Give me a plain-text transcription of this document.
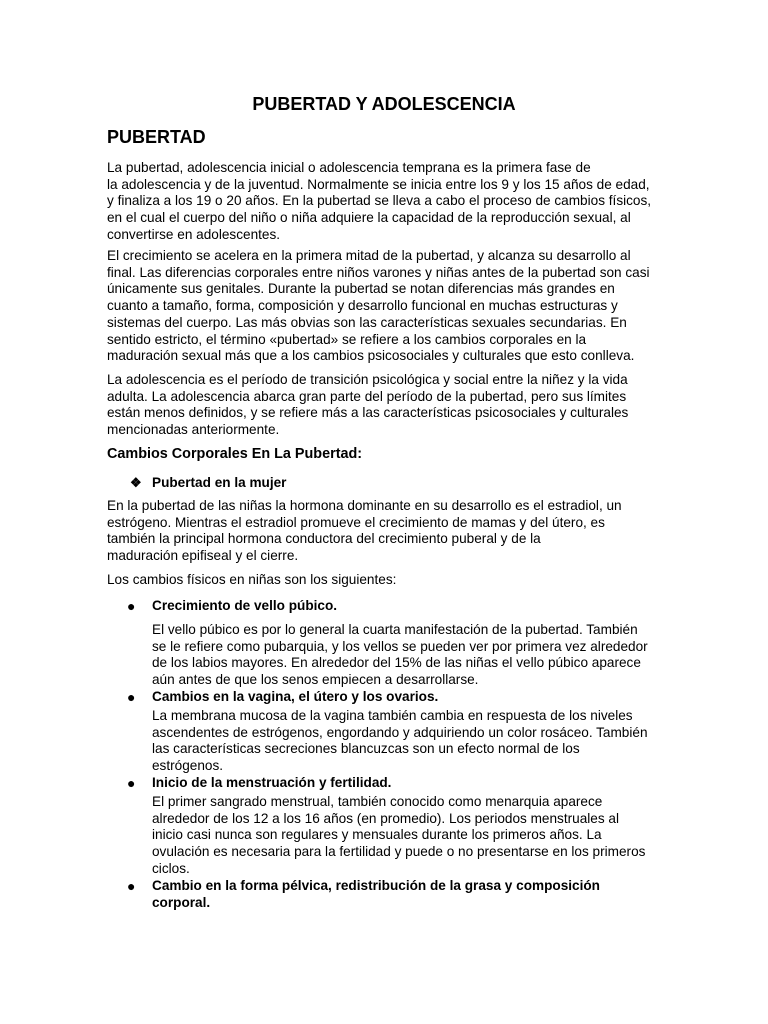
PUBERTAD Y ADOLESCENCIA
PUBERTAD
La pubertad, adolescencia inicial o adolescencia temprana es la primera fase de
la adolescencia y de la juventud. Normalmente se inicia entre los 9 y los 15 años de edad,
y finaliza a los 19 o 20 años. En la pubertad se lleva a cabo el proceso de cambios físicos,
en el cual el cuerpo del niño o niña adquiere la capacidad de la reproducción sexual, al
convertirse en adolescentes.
El crecimiento se acelera en la primera mitad de la pubertad, y alcanza su desarrollo al
final. Las diferencias corporales entre niños varones y niñas antes de la pubertad son casi
únicamente sus genitales. Durante la pubertad se notan diferencias más grandes en
cuanto a tamaño, forma, composición y desarrollo funcional en muchas estructuras y
sistemas del cuerpo. Las más obvias son las características sexuales secundarias. En
sentido estricto, el término «pubertad» se refiere a los cambios corporales en la
maduración sexual más que a los cambios psicosociales y culturales que esto conlleva.
La adolescencia es el período de transición psicológica y social entre la niñez y la vida
adulta. La adolescencia abarca gran parte del período de la pubertad, pero sus límites
están menos definidos, y se refiere más a las características psicosociales y culturales
mencionadas anteriormente.
Cambios Corporales En La Pubertad:
❖ Pubertad en la mujer
En la pubertad de las niñas la hormona dominante en su desarrollo es el estradiol, un
estrógeno. Mientras el estradiol promueve el crecimiento de mamas y del útero, es
también la principal hormona conductora del crecimiento puberal y de la
maduración epifiseal y el cierre.
Los cambios físicos en niñas son los siguientes:
● Crecimiento de vello púbico.
El vello púbico es por lo general la cuarta manifestación de la pubertad. También
se le refiere como pubarquia, y los vellos se pueden ver por primera vez alrededor
de los labios mayores. En alrededor del 15% de las niñas el vello púbico aparece
aún antes de que los senos empiecen a desarrollarse.
● Cambios en la vagina, el útero y los ovarios.
La membrana mucosa de la vagina también cambia en respuesta de los niveles
ascendentes de estrógenos, engordando y adquiriendo un color rosáceo. También
las características secreciones blancuzcas son un efecto normal de los
estrógenos.
● Inicio de la menstruación y fertilidad.
El primer sangrado menstrual, también conocido como menarquia aparece
alrededor de los 12 a los 16 años (en promedio). Los periodos menstruales al
inicio casi nunca son regulares y mensuales durante los primeros años. La
ovulación es necesaria para la fertilidad y puede o no presentarse en los primeros
ciclos.
● Cambio en la forma pélvica, redistribución de la grasa y composición
corporal.
